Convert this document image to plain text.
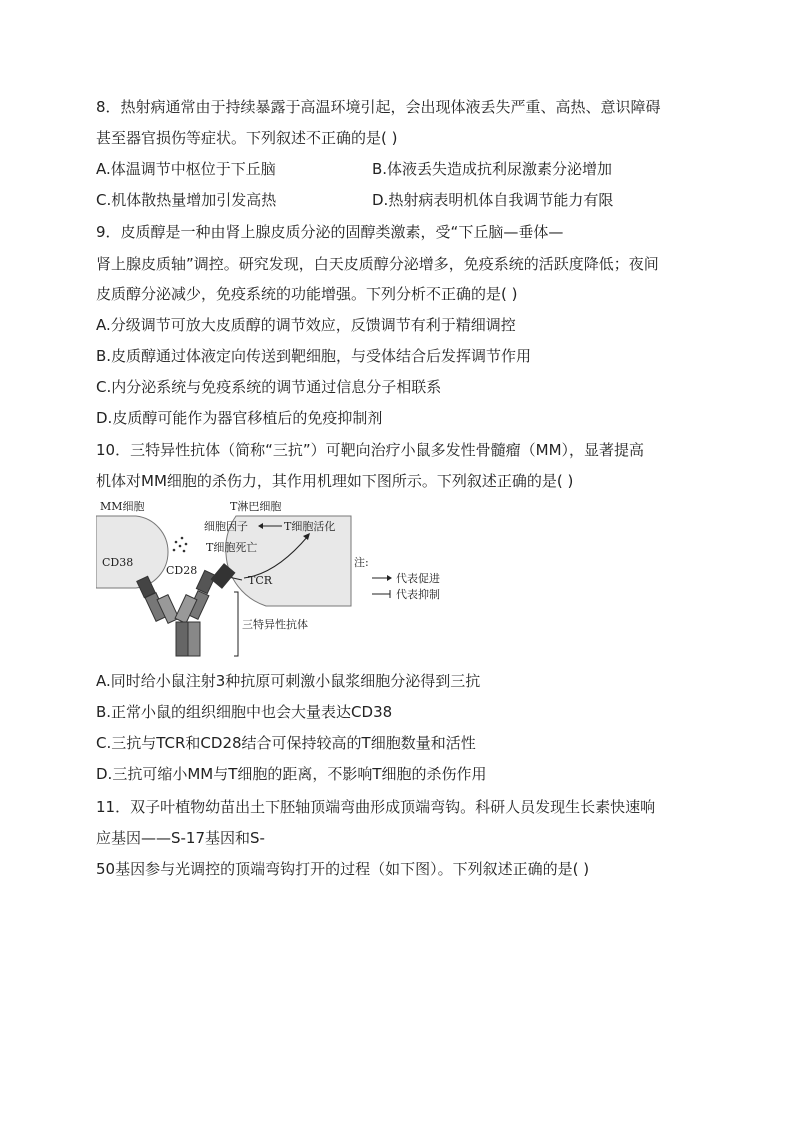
8．热射病通常由于持续暴露于高温环境引起，会出现体液丢失严重、高热、意识障碍
甚至器官损伤等症状。下列叙述不正确的是( )
A.体温调节中枢位于下丘脑	B.体液丢失造成抗利尿激素分泌增加
C.机体散热量增加引发高热	D.热射病表明机体自我调节能力有限
9．皮质醇是一种由肾上腺皮质分泌的固醇类激素，受“下丘脑—垂体—
肾上腺皮质轴”调控。研究发现，白天皮质醇分泌增多，免疫系统的活跃度降低；夜间
皮质醇分泌减少，免疫系统的功能增强。下列分析不正确的是( )
A.分级调节可放大皮质醇的调节效应，反馈调节有利于精细调控
B.皮质醇通过体液定向传送到靶细胞，与受体结合后发挥调节作用
C.内分泌系统与免疫系统的调节通过信息分子相联系
D.皮质醇可能作为器官移植后的免疫抑制剂
10．三特异性抗体（简称“三抗”）可靶向治疗小鼠多发性骨髓瘤（MM），显著提高
机体对MM细胞的杀伤力，其作用机理如下图所示。下列叙述正确的是( )
MM细胞
CD38
T淋巴细胞
细胞因子	T细胞活化
T细胞死亡
CD28
TCR
三特异性抗体
注:
代表促进
代表抑制
A.同时给小鼠注射3种抗原可刺激小鼠浆细胞分泌得到三抗
B.正常小鼠的组织细胞中也会大量表达CD38
C.三抗与TCR和CD28结合可保持较高的T细胞数量和活性
D.三抗可缩小MM与T细胞的距离，不影响T细胞的杀伤作用
11．双子叶植物幼苗出土下胚轴顶端弯曲形成顶端弯钩。科研人员发现生长素快速响
应基因——S-17基因和S-
50基因参与光调控的顶端弯钩打开的过程（如下图）。下列叙述正确的是( )
